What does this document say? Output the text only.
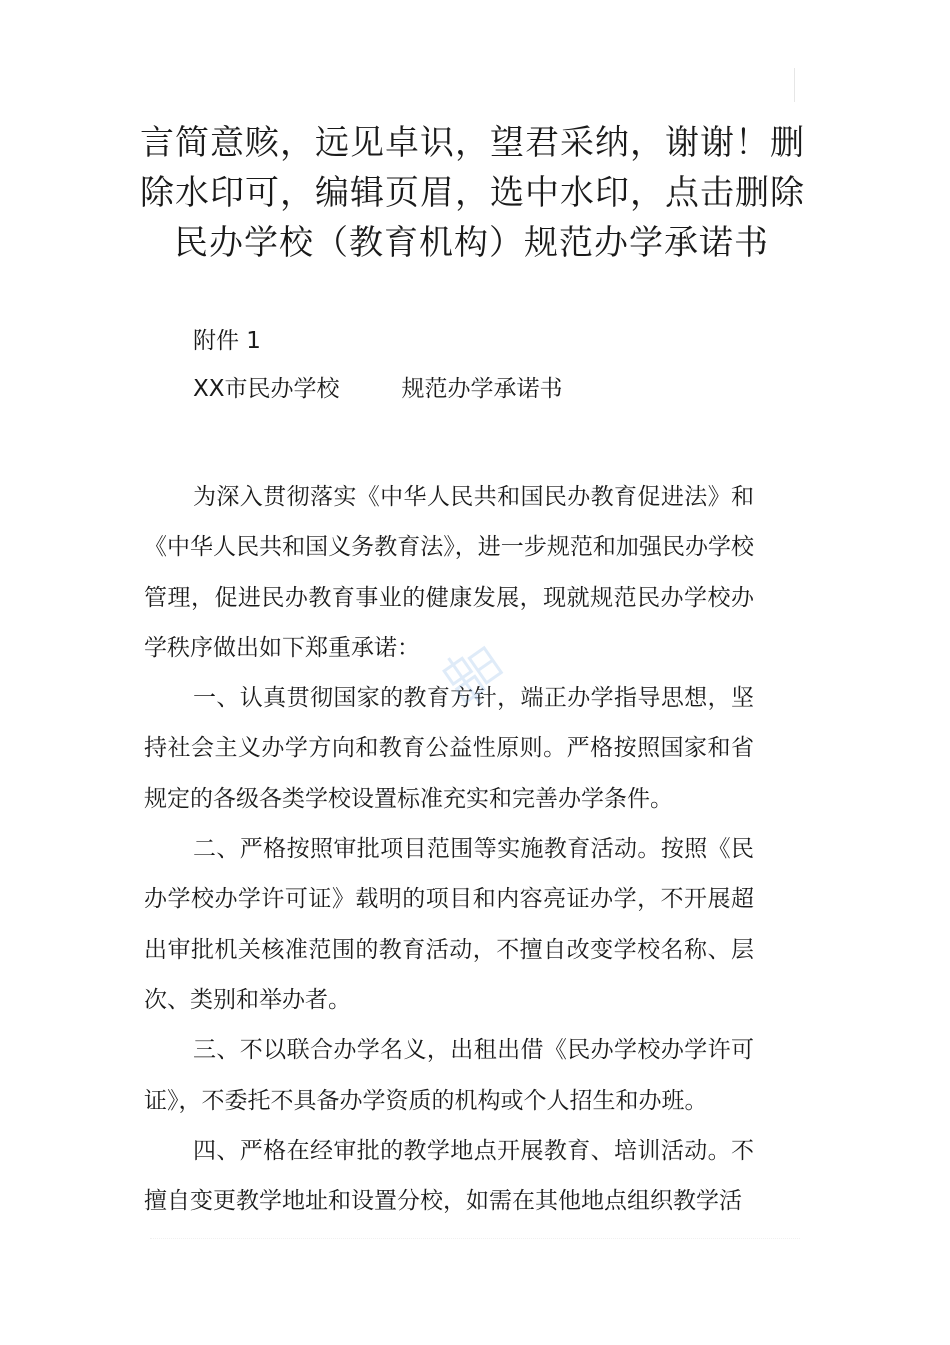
言简意赅，远见卓识，望君采纳，谢谢！删
除水印可，编辑页眉，选中水印，点击删除
民办学校（教育机构）规范办学承诺书
附件 1
XX市民办学校	规范办学承诺书

为深入贯彻落实《中华人民共和国民办教育促进法》和《中华人民共和国义务教育法》，进一步规范和加强民办学校管理，促进民办教育事业的健康发展，现就规范民办学校办学秩序做出如下郑重承诺：

一、认真贯彻国家的教育方针，端正办学指导思想，坚持社会主义办学方向和教育公益性原则。严格按照国家和省规定的各级各类学校设置标准充实和完善办学条件。

二、严格按照审批项目范围等实施教育活动。按照《民办学校办学许可证》载明的项目和内容亮证办学，不开展超出审批机关核准范围的教育活动，不擅自改变学校名称、层次、类别和举办者。

三、不以联合办学名义，出租出借《民办学校办学许可证》，不委托不具备办学资质的机构或个人招生和办班。

四、严格在经审批的教学地点开展教育、培训活动。不擅自变更教学地址和设置分校，如需在其他地点组织教学活
